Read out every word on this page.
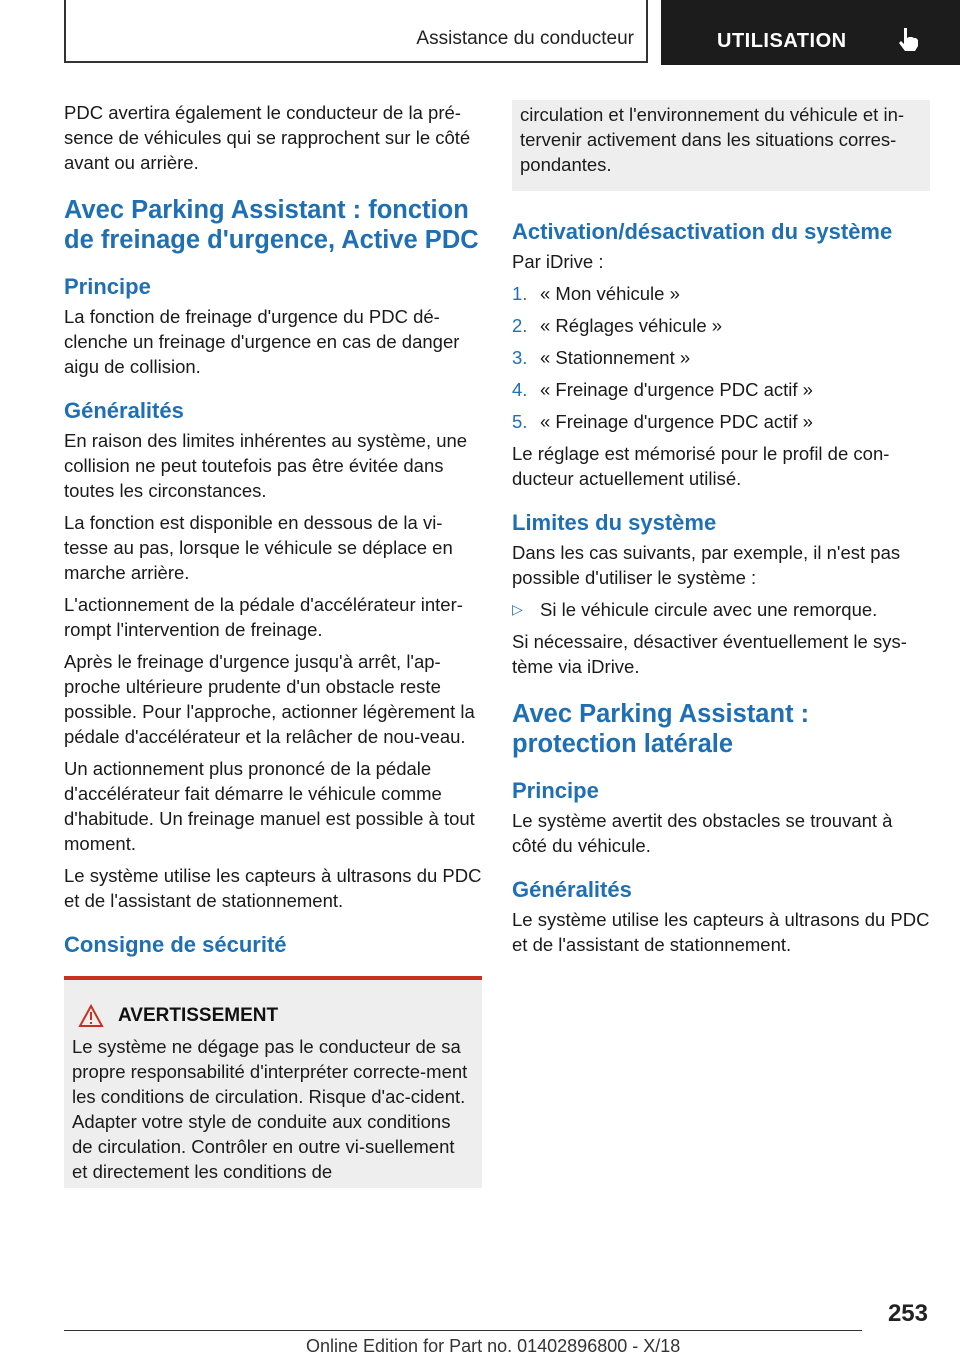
Assistance du conducteur	UTILISATION

PDC avertira également le conducteur de la pré-sence de véhicules qui se rapprochent sur le côté avant ou arrière.

Avec Parking Assistant : fonction de freinage d'urgence, Active PDC
Principe

La fonction de freinage d'urgence du PDC dé-clenche un freinage d'urgence en cas de danger aigu de collision.

Généralités

En raison des limites inhérentes au système, une collision ne peut toutefois pas être évitée dans toutes les circonstances.

La fonction est disponible en dessous de la vi-tesse au pas, lorsque le véhicule se déplace en marche arrière.

L'actionnement de la pédale d'accélérateur inter-rompt l'intervention de freinage.

Après le freinage d'urgence jusqu'à arrêt, l'ap-proche ultérieure prudente d'un obstacle reste possible. Pour l'approche, actionner légèrement la pédale d'accélérateur et la relâcher de nou-veau.

Un actionnement plus prononcé de la pédale d'accélérateur fait démarre le véhicule comme d'habitude. Un freinage manuel est possible à tout moment.

Le système utilise les capteurs à ultrasons du PDC et de l'assistant de stationnement.

Consigne de sécurité
AVERTISSEMENT

Le système ne dégage pas le conducteur de sa propre responsabilité d'interpréter correcte-ment les conditions de circulation. Risque d'ac-cident. Adapter votre style de conduite aux conditions de circulation. Contrôler en outre vi-suellement et directement les conditions de

circulation et l'environnement du véhicule et in-tervenir activement dans les situations corres-pondantes.

Activation/désactivation du système

Par iDrive :

1. « Mon véhicule »
2. « Réglages véhicule »
3. « Stationnement »
4. « Freinage d'urgence PDC actif »
5. « Freinage d'urgence PDC actif »

Le réglage est mémorisé pour le profil de con-ducteur actuellement utilisé.

Limites du système

Dans les cas suivants, par exemple, il n'est pas possible d'utiliser le système :

▷ Si le véhicule circule avec une remorque.

Si nécessaire, désactiver éventuellement le sys-tème via iDrive.

Avec Parking Assistant : protection latérale
Principe

Le système avertit des obstacles se trouvant à côté du véhicule.

Généralités

Le système utilise les capteurs à ultrasons du PDC et de l'assistant de stationnement.

253
Online Edition for Part no. 01402896800 - X/18
